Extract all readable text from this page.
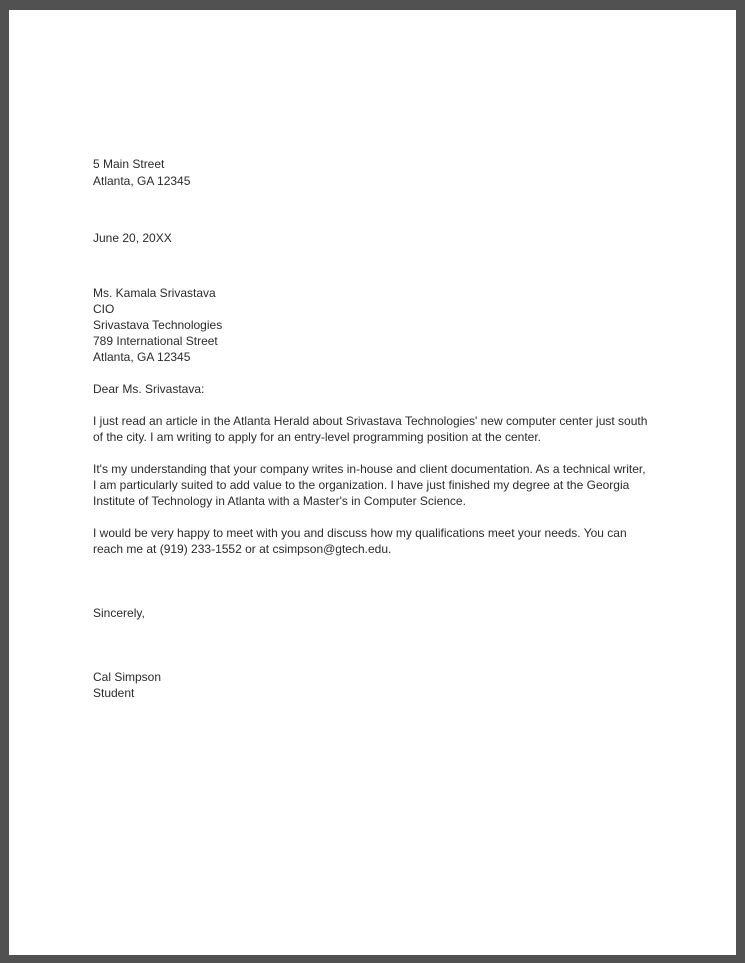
5 Main Street

Atlanta, GA 12345

June 20, 20XX

Ms. Kamala Srivastava

CIO

Srivastava Technologies

789 International Street

Atlanta, GA 12345

Dear Ms. Srivastava:

I just read an article in the Atlanta Herald about Srivastava Technologies' new computer center just south of the city. I am writing to apply for an entry-level programming position at the center.

It's my understanding that your company writes in-house and client documentation. As a technical writer, I am particularly suited to add value to the organization. I have just finished my degree at the Georgia Institute of Technology in Atlanta with a Master's in Computer Science.

I would be very happy to meet with you and discuss how my qualifications meet your needs. You can reach me at (919) 233-1552 or at csimpson@gtech.edu.

Sincerely,

Cal Simpson

Student
